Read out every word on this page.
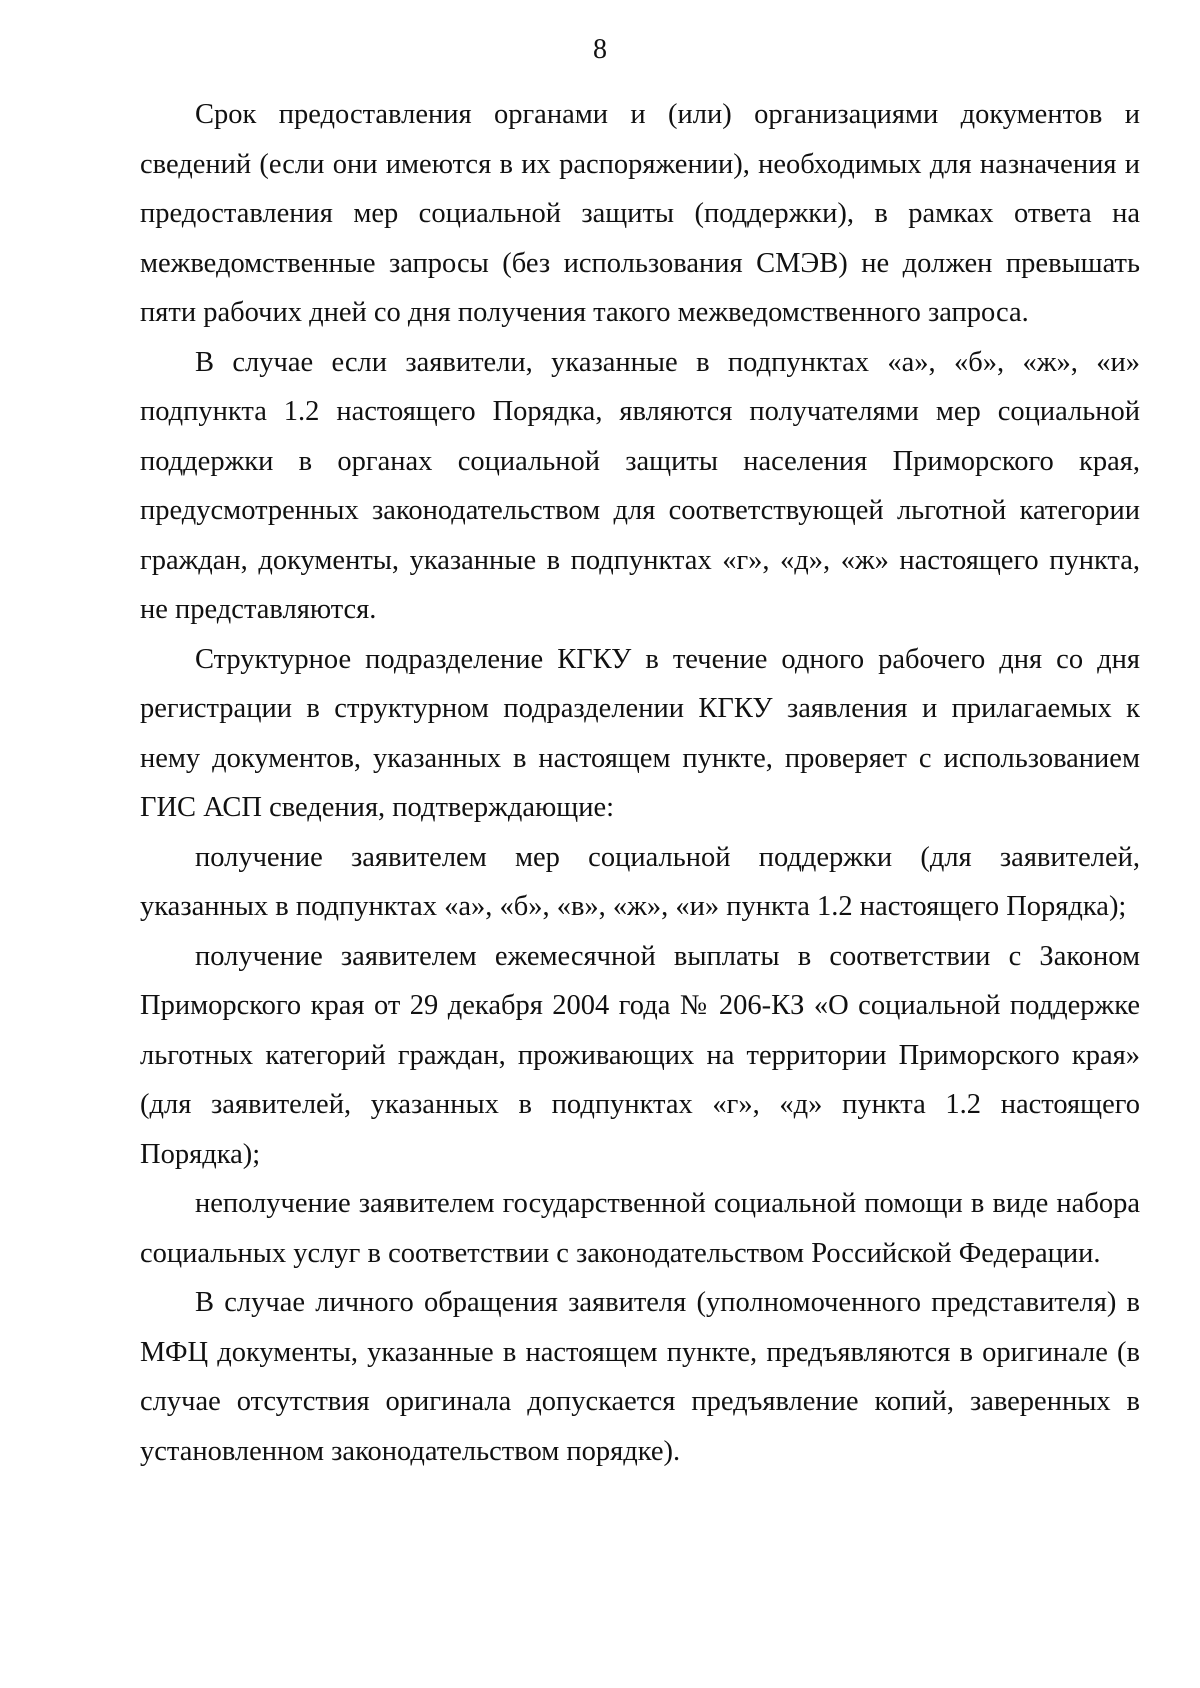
8

Срок предоставления органами и (или) организациями документов и сведений (если они имеются в их распоряжении), необходимых для назначения и предоставления мер социальной защиты (поддержки), в рамках ответа на межведомственные запросы (без использования СМЭВ) не должен превышать пяти рабочих дней со дня получения такого межведомственного запроса.

В случае если заявители, указанные в подпунктах «а», «б», «ж», «и» подпункта 1.2 настоящего Порядка, являются получателями мер социальной поддержки в органах социальной защиты населения Приморского края, предусмотренных законодательством для соответствующей льготной категории граждан, документы, указанные в подпунктах «г», «д», «ж» настоящего пункта, не представляются.

Структурное подразделение КГКУ в течение одного рабочего дня со дня регистрации в структурном подразделении КГКУ заявления и прилагаемых к нему документов, указанных в настоящем пункте, проверяет с использованием ГИС АСП сведения, подтверждающие:

получение заявителем мер социальной поддержки (для заявителей, указанных в подпунктах «а», «б», «в», «ж», «и» пункта 1.2 настоящего Порядка);

получение заявителем ежемесячной выплаты в соответствии с Законом Приморского края от 29 декабря 2004 года № 206-КЗ «О социальной поддержке льготных категорий граждан, проживающих на территории Приморского края» (для заявителей, указанных в подпунктах «г», «д» пункта 1.2 настоящего Порядка);

неполучение заявителем государственной социальной помощи в виде набора социальных услуг в соответствии с законодательством Российской Федерации.

В случае личного обращения заявителя (уполномоченного представителя) в МФЦ документы, указанные в настоящем пункте, предъявляются в оригинале (в случае отсутствия оригинала допускается предъявление копий, заверенных в установленном законодательством порядке).
